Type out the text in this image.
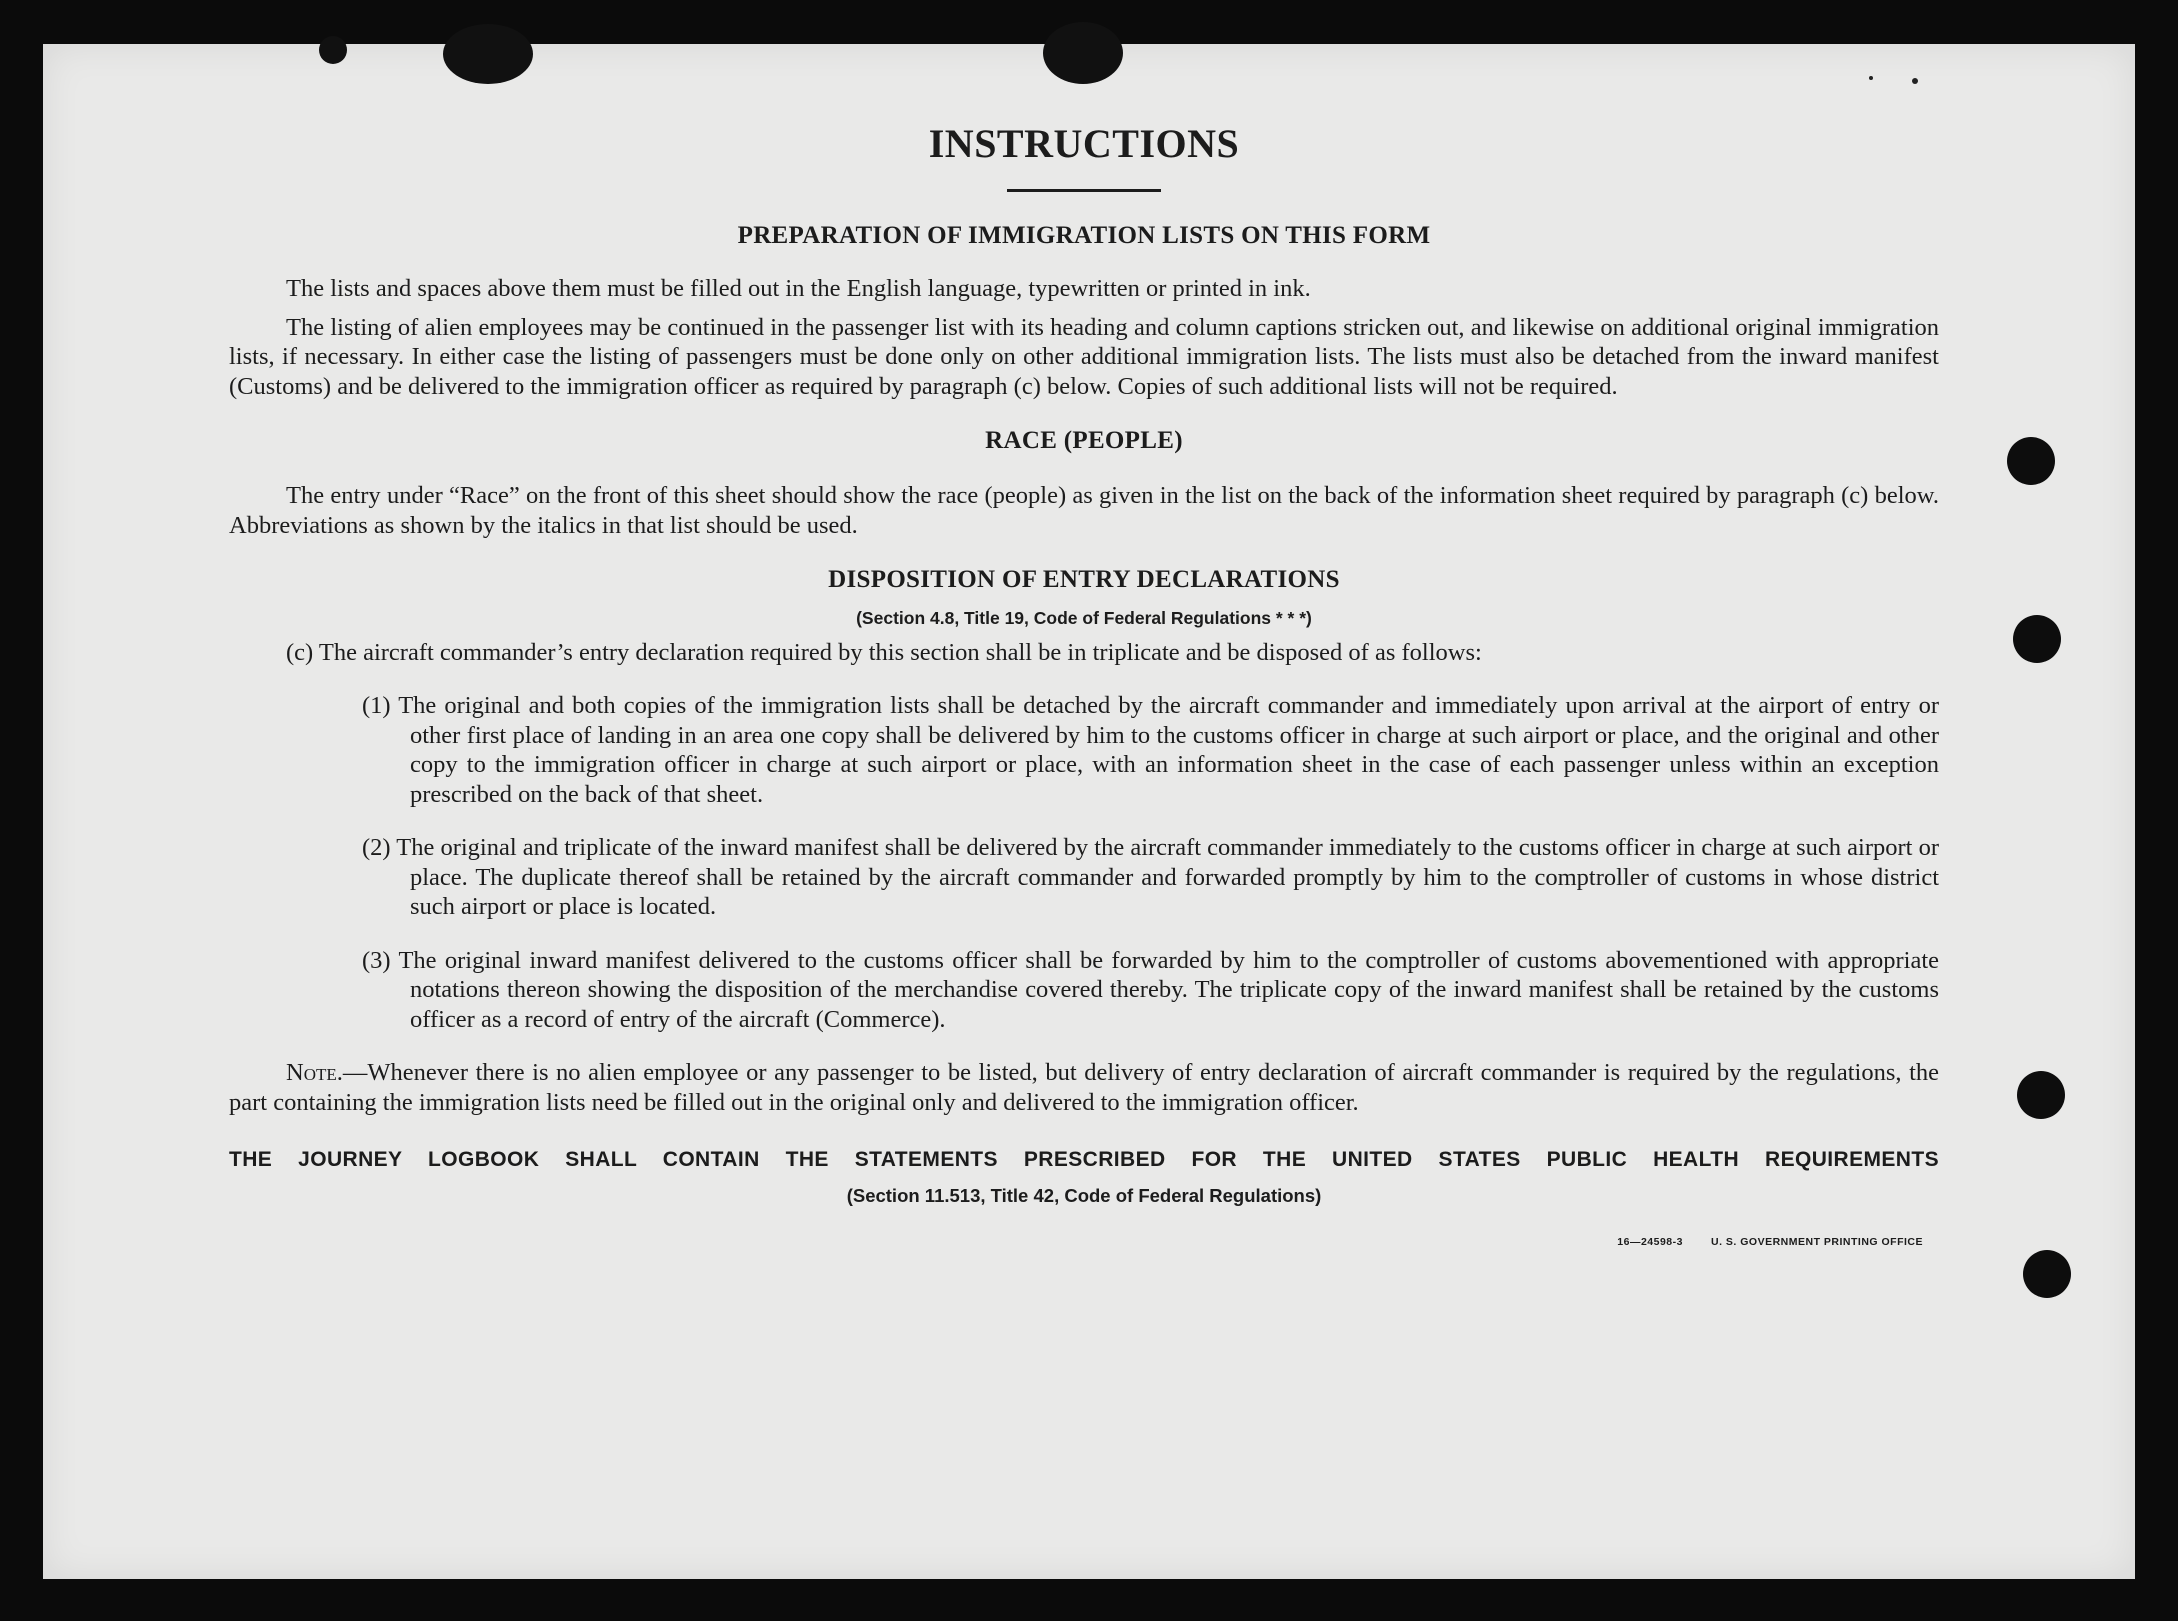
INSTRUCTIONS
PREPARATION OF IMMIGRATION LISTS ON THIS FORM

The lists and spaces above them must be filled out in the English language, typewritten or printed in ink.

The listing of alien employees may be continued in the passenger list with its heading and column captions stricken out, and likewise on additional original immigration lists, if necessary. In either case the listing of passengers must be done only on other additional immigration lists. The lists must also be detached from the inward manifest (Customs) and be delivered to the immigration officer as required by paragraph (c) below. Copies of such additional lists will not be required.

RACE (PEOPLE)

The entry under “Race” on the front of this sheet should show the race (people) as given in the list on the back of the information sheet required by paragraph (c) below. Abbreviations as shown by the italics in that list should be used.

DISPOSITION OF ENTRY DECLARATIONS

(Section 4.8, Title 19, Code of Federal Regulations * * *)

(c) The aircraft commander’s entry declaration required by this section shall be in triplicate and be disposed of as follows:

(1) The original and both copies of the immigration lists shall be detached by the aircraft commander and immediately upon arrival at the airport of entry or other first place of landing in an area one copy shall be delivered by him to the customs officer in charge at such airport or place, and the original and other copy to the immigration officer in charge at such airport or place, with an information sheet in the case of each passenger unless within an exception prescribed on the back of that sheet.

(2) The original and triplicate of the inward manifest shall be delivered by the aircraft commander immediately to the customs officer in charge at such airport or place. The duplicate thereof shall be retained by the aircraft commander and forwarded promptly by him to the comptroller of customs in whose district such airport or place is located.

(3) The original inward manifest delivered to the customs officer shall be forwarded by him to the comptroller of customs abovementioned with appropriate notations thereon showing the disposition of the merchandise covered thereby. The triplicate copy of the inward manifest shall be retained by the customs officer as a record of entry of the aircraft (Commerce).

Note.—Whenever there is no alien employee or any passenger to be listed, but delivery of entry declaration of aircraft commander is required by the regulations, the part containing the immigration lists need be filled out in the original only and delivered to the immigration officer.

THE JOURNEY LOGBOOK SHALL CONTAIN THE STATEMENTS PRESCRIBED FOR THE UNITED STATES PUBLIC HEALTH REQUIREMENTS

(Section 11.513, Title 42, Code of Federal Regulations)

16—24598-3	U. S. GOVERNMENT PRINTING OFFICE
